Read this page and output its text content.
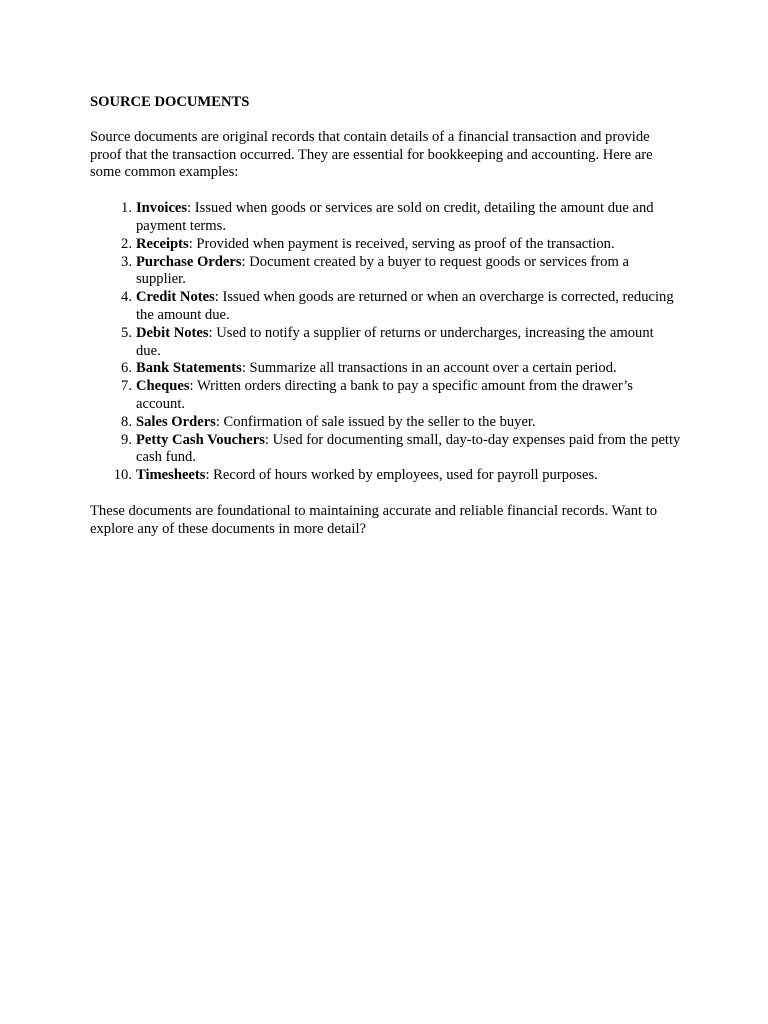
SOURCE DOCUMENTS

Source documents are original records that contain details of a financial transaction and provide proof that the transaction occurred. They are essential for bookkeeping and accounting. Here are some common examples:

1. Invoices: Issued when goods or services are sold on credit, detailing the amount due and payment terms.
2. Receipts: Provided when payment is received, serving as proof of the transaction.
3. Purchase Orders: Document created by a buyer to request goods or services from a supplier.
4. Credit Notes: Issued when goods are returned or when an overcharge is corrected, reducing the amount due.
5. Debit Notes: Used to notify a supplier of returns or undercharges, increasing the amount due.
6. Bank Statements: Summarize all transactions in an account over a certain period.
7. Cheques: Written orders directing a bank to pay a specific amount from the drawer’s account.
8. Sales Orders: Confirmation of sale issued by the seller to the buyer.
9. Petty Cash Vouchers: Used for documenting small, day-to-day expenses paid from the petty cash fund.
10. Timesheets: Record of hours worked by employees, used for payroll purposes.

These documents are foundational to maintaining accurate and reliable financial records. Want to explore any of these documents in more detail?
